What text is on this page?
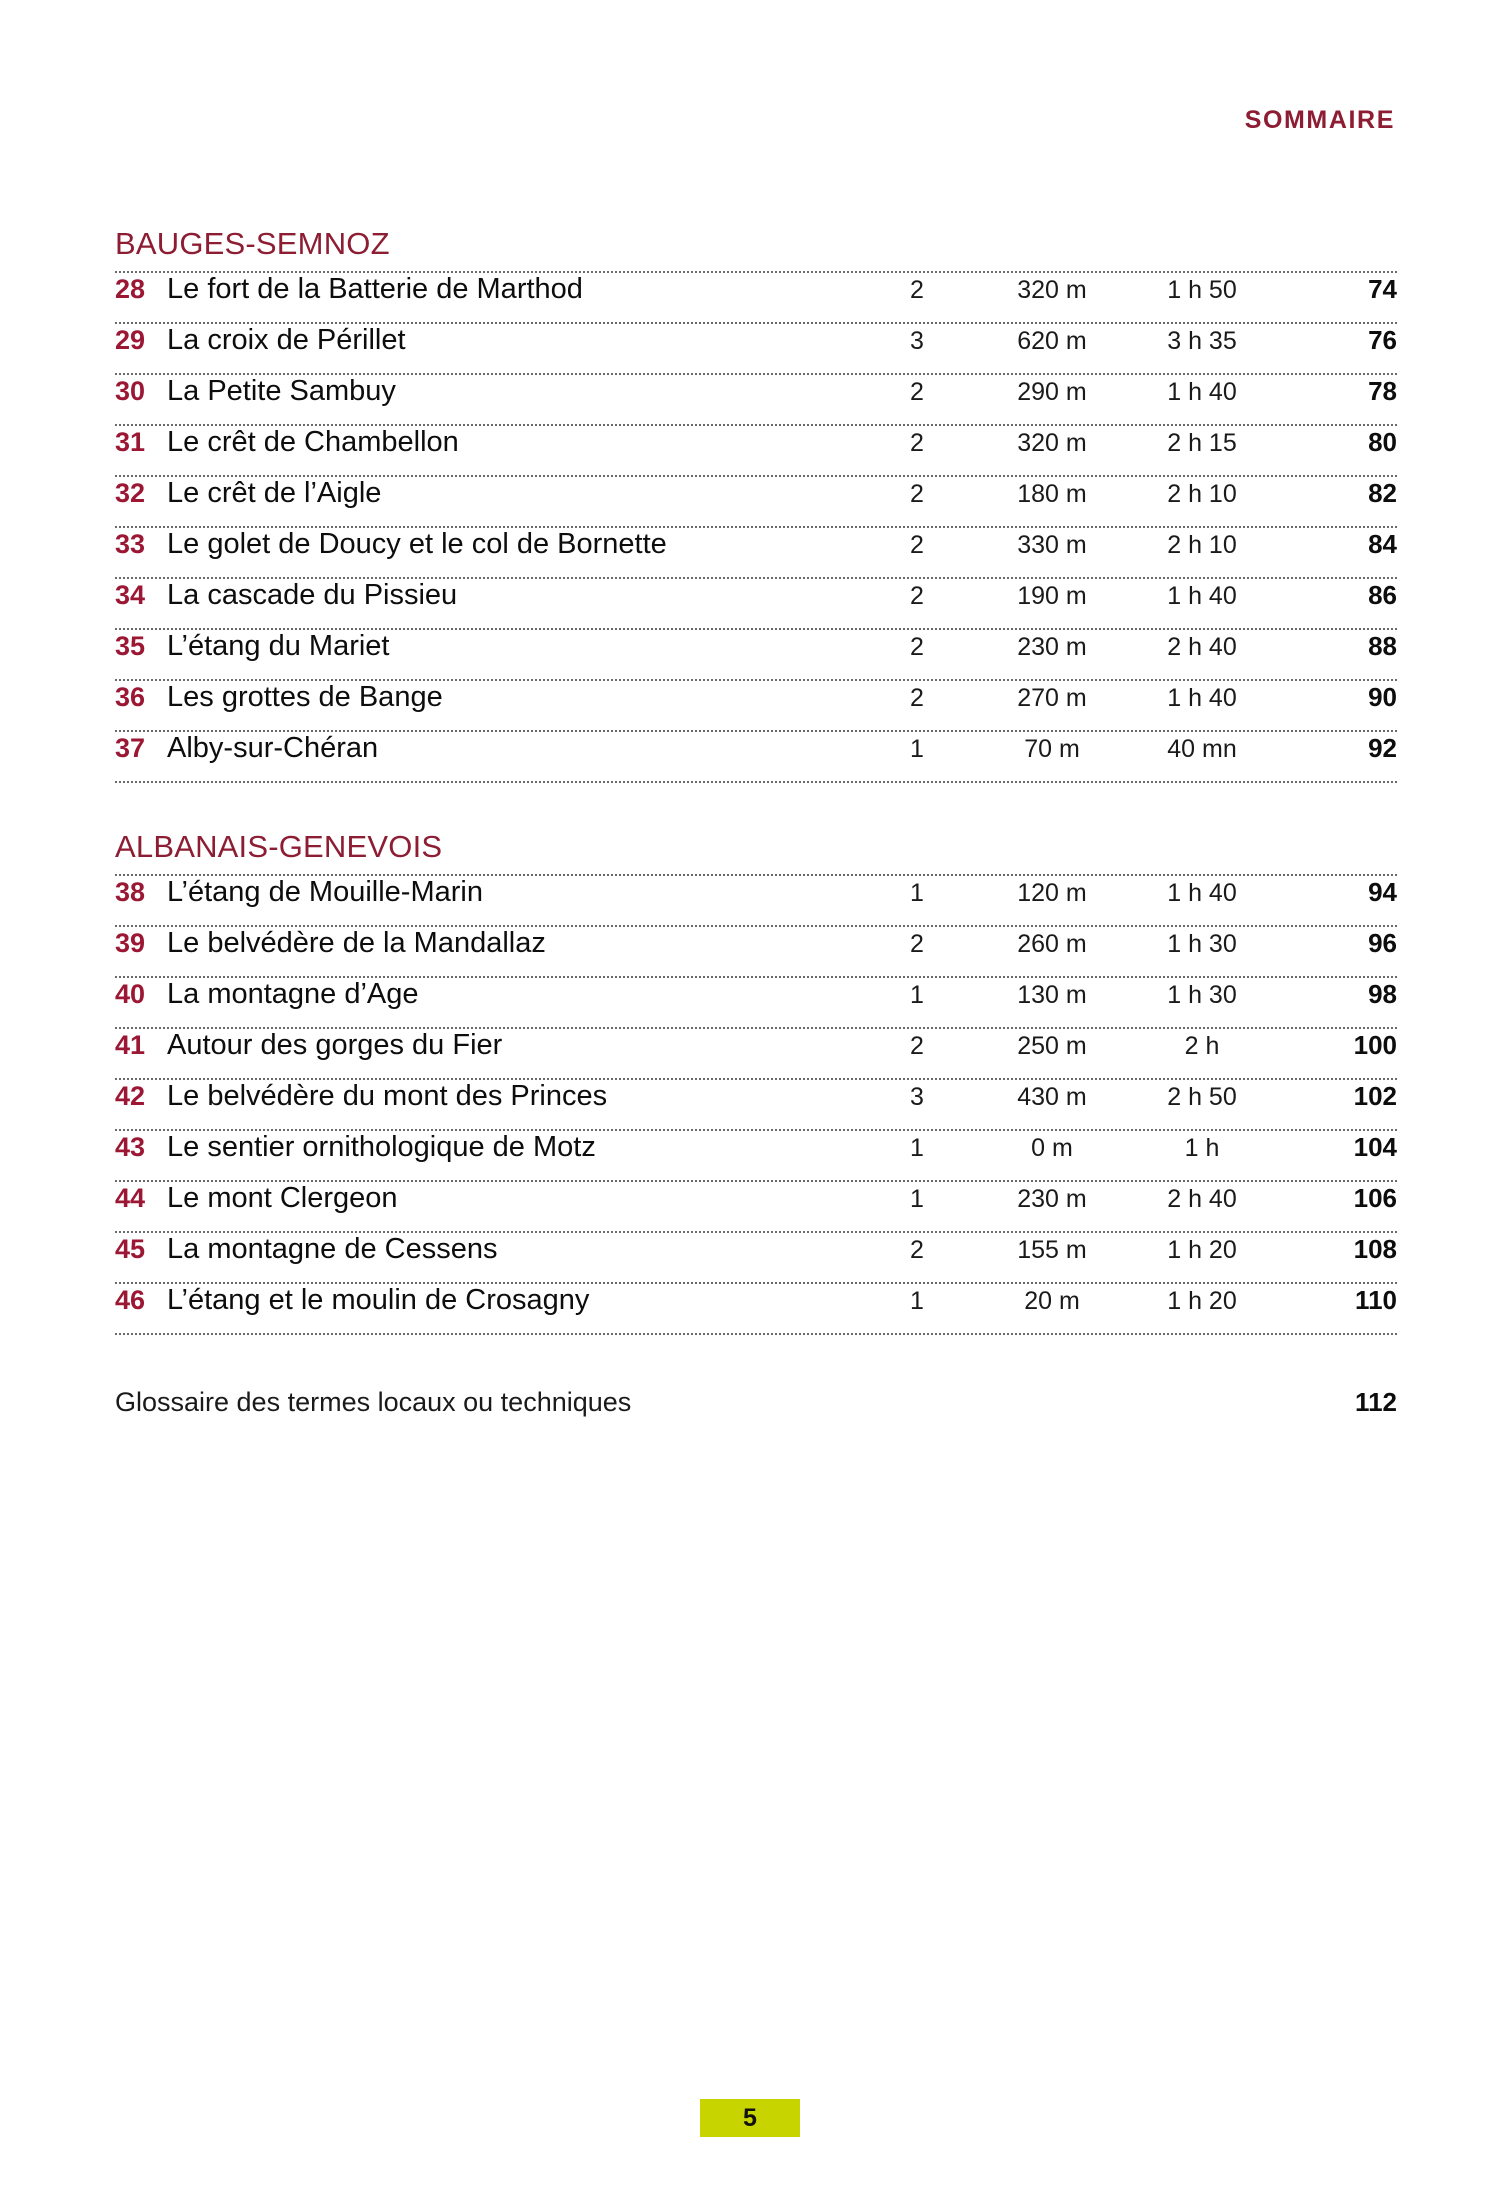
SOMMAIRE
BAUGES-SEMNOZ
28 Le fort de la Batterie de Marthod	2	320 m	1 h 50	74
29 La croix de Périllet	3	620 m	3 h 35	76
30 La Petite Sambuy	2	290 m	1 h 40	78
31 Le crêt de Chambellon	2	320 m	2 h 15	80
32 Le crêt de l’Aigle	2	180 m	2 h 10	82
33 Le golet de Doucy et le col de Bornette	2	330 m	2 h 10	84
34 La cascade du Pissieu	2	190 m	1 h 40	86
35 L’étang du Mariet	2	230 m	2 h 40	88
36 Les grottes de Bange	2	270 m	1 h 40	90
37 Alby-sur-Chéran	1	70 m	40 mn	92
ALBANAIS-GENEVOIS
38 L’étang de Mouille-Marin	1	120 m	1 h 40	94
39 Le belvédère de la Mandallaz	2	260 m	1 h 30	96
40 La montagne d’Age	1	130 m	1 h 30	98
41 Autour des gorges du Fier	2	250 m	2 h	100
42 Le belvédère du mont des Princes	3	430 m	2 h 50	102
43 Le sentier ornithologique de Motz	1	0 m	1 h	104
44 Le mont Clergeon	1	230 m	2 h 40	106
45 La montagne de Cessens	2	155 m	1 h 20	108
46 L’étang et le moulin de Crosagny	1	20 m	1 h 20	110
Glossaire des termes locaux ou techniques	112
5
